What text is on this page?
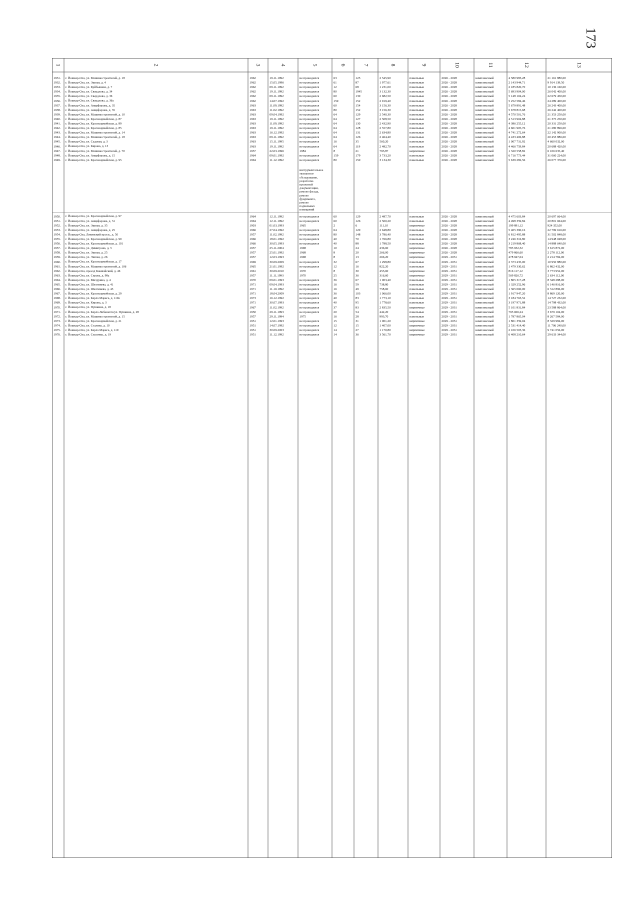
173
1	2	3	4	5	6	7	8	9	10	11	12	13
1931. г. Йошкар-Ола, ул. Машиностроителей, д. 18	1962	19.11.1992	не проводился	63	125	2 545,90	панельные	2026 - 2028	комплексный	4 580 983,28	21 161 880,00
1932. г. Йошкар-Ола, ул. Эшпая, д. 4	1962	15.05.1996	не проводился	61	87	1 977,61	панельные	2026 - 2028	комплексный	2 143 944,71	9 914 139,50
1933. г. Йошкар-Ола, ул. Куйбышева, д. 7	1962	09.11.1992	не проводился	12	68	1 231,00	панельные	2026 - 2028	комплексный	2 185 820,70	10 136 160,00
1934. г. Йошкар-Ола, ул. Свердлова, д. 34	1962	19.11.1992	не проводился	80	1945	3 132,30	панельные	2026 - 2028	комплексный	5 693 904,00	26 042 400,00
1935. г. Йошкар-Ола, ул. Свердлова, д. 36	1962	09.11.1992	не проводился	60	130	2 682,50	панельные	2026 - 2028	комплексный	5 148 104,24	22 679 450,00
1936. г. Йошкар-Ола, ул. Свердлова, д. 36а	1962	14.07.1992	не проводился	159	152	2 919,40	панельные	2026 - 2028	комплексный	5 252 584,46	24 289 400,00
1937. г. Йошкар-Ола, ул. Анциферова, д. 35	1963	11.09.1992	не проводился	60	154	3 156,30	панельные	2026 - 2028	комплексный	5 679 891,48	26 243 400,00
1938. г. Йошкар-Ола, ул. Анциферова, д. 35	1963	11.02.1992	не проводился	80	152	3 156,30	панельные	2026 - 2028	комплексный	5 678 815,68	26 242 400,00
1939. г. Йошкар-Ола, ул. Машиностроителей, д. 10	1963	09.04.1992	не проводился	64	129	2 540,30	панельные	2026 - 2028	комплексный	4 570 501,76	21 353 250,00
1940. г. Йошкар-Ола, ул. Красноармейская, д. 87	1963	19.11.1992	не проводился	64	127	2 508,50	панельные	2026 - 2028	комплексный	4 513 904,88	21 375 250,00
1941. г. Йошкар-Ола, ул. Красноармейская, д. 89	1963	11.09.1992	не проводился	64	130	2 432,90	панельные	2026 - 2028	комплексный	4 386 255,12	20 331 250,00
1942. г. Йошкар-Ола, ул. Красноармейская, д. 85	1963	19.11.1992	не проводился	64	128	2 557,80	панельные	2026 - 2028	комплексный	4 601 905,76	21 280 896,00
1943. г. Йошкар-Ола, ул. Машиностроителей, д. 14	1963	16.12.1992	не проводился	64	131	2 634,80	панельные	2026 - 2028	комплексный	4 741 272,64	22 142 900,00
1944. г. Йошкар-Ола, ул. Машиностроителей, д. 18	1963	09.11.1992	не проводился	64	126	2 464,40	панельные	2026 - 2028	комплексный	4 433 406,88	20 453 886,00
1945. г. Йошкар-Ола, ул. Садовая, д. 3	1963	15.11.1995	не проводился	16	35	560,20	панельные	2026 - 2028	комплексный	1 007 731,92	4 660 032,00
1946. г. Йошкар-Ола, ул. Кирова, д. 13	1963	19.11.1992	не проводился	64	119	2 482,70	панельные	2026 - 2028	комплексный	4 466 759,84	20 688 420,00
1947. г. Йошкар-Ола, ул. Машиностроителей, д. 70	1957	22.03.1996	1984	8	21	793,87	кирпичные	2026 - 2028	комплексный	1 320 558,82	6 106 635,40
1948. г. Йошкар-Ола, ул. Анциферова, д. 15	1964	09.01.1992	не проводился	159	179	3 733,20	панельные	2026 - 2028	комплексный	6 716 773,44	31 060 224,00
1949. г. Йошкар-Ола, ул. Красноармейская, д. 95	1964	11.12.1992	не проводился	80	150	3 134,30	панельные	2026 - 2028	комплексный	5 639 282,56	26 077 376,00
инструментальное экспертное обследование, разработка проектной документации, ремонт фасада, ремонт фундамента, ремонт подвальных помещений
1950. г. Йошкар-Ола, ул. Красноармейская, д. 97	1964	12.11.1992	не проводился	60	129	2 487,70	панельные	2026 - 2028	комплексный	4 475 603,84	20 697 664,00
1951. г. Йошкар-Ола, ул. Анциферова, д. 31	1964	12.11.1992	не проводился	60	126	2 500,20	панельные	2026 - 2028	комплексный	4 498 359,84	20 801 664,00
1952. г. Йошкар-Ола, ул. Эшпая, д. 35	1903	01.03.1993	1965	2	6	111,10	кирпичные	2026 - 2028	комплексный	199 891,12	924 352,00
1953. г. Йошкар-Ола, ул. Анциферова, д. 25	1966	27.04.1992	не проводился	64	120	2 648,80	панельные	2026 - 2028	комплексный	5 405 390,16	22 799 616,00
1954. г. Йошкар-Ола, Ленинский просп., д. 50	1957	11.02.1992	не проводился	80	148	3 786,40	панельные	2026 - 2028	комплексный	6 812 495,88	31 502 848,00
1955. г. Йошкар-Ола, ул. Красноармейская, д. 99	1966	18.01.1992	не проводился	40	70	1 766,80	панельные	2026 - 2028	комплексный	3 246 316,80	14 948 048,00
1956. г. Йошкар-Ола, ул. Красноармейская, д. 101	1966	30.05.1993	не проводился	40	88	1 788,50	панельные	2026 - 2028	комплексный	3 219 868,40	14 888 640,00
1957. г. Йошкар-Ола, ул. Димитрова, д. 3	1957	25.11.2004	1968	10	24	436,60	кирпичные	2026 - 2028	комплексный	785 932,32	3 615 872,00
1958. г. Йошкар-Ола, ул. Эшпая, д. 25	1957	25.01.1992	1968	8	20	266,00	кирпичные	2026 - 2028	комплексный	479 866,60	2 278 112,00
1959. г. Йошкар-Ола, ул. Эшпая, д. 26	1957	12.03.1993	1968	8	13	266,20	кирпичные	2029 - 2031	комплексный	478 947,04	2 214 784,00
1960. г. Йошкар-Ола, ул. Красноармейская, д. 17	1969	30.09.2009	не проводился	32	67	1 298,80	панельные	2029 - 2031	комплексный	2 373 435,00	10 950 880,00
1961. г. Йошкар-Ола, ул. Машиностроителей, д. 106	1965	21.01.1992	не проводился	12	16	822,20	панельные	2029 - 2031	комплексный	1 479 330,62	6 862 432,00
1962. г. Йошкар-Ола, проезд Кокшайский, д. 46	1961	30.09.2010	1970	8	30	453,60	кирпичные	2029 - 2031	комплексный	816 117,12	3 773 952,00
1963. г. Йошкар-Ола, ул. Серова, д. 98а	1957	11.11.1993	1970	25	36	316,60	кирпичные	2029 - 2031	комплексный	569 826,72	2 634 112,00
1964. г. Йошкар-Ола, ул. Мичурина, д. 4	1970	09.01.1993	не проводился	36	67	1 003,40	панельные	2029 - 2031	комплексный	1 805 317,28	8 348 288,00
1965. г. Йошкар-Ола, ул. Шелгинева, д. 41	1971	09.04.1993	не проводился	16	59	738,80	панельные	2029 - 2031	комплексный	1 329 252,96	6 146 816,00
1966. г. Йошкар-Ола, ул. Шелгинева, д. 43	1971	11.10.1992	не проводился	16	49	758,60	панельные	2029 - 2031	комплексный	1 365 060,00	6 312 896,00
1967. г. Йошкар-Ола, ул. Красноармейская, д. 29	1971	18.04.2009	не проводился	36	103	1 066,00	панельные	2029 - 2031	комплексный	1 917 947,20	8 869 120,00
1968. г. Йошкар-Ола, ул. Карла Маркса, д. 119а	1973	16.12.1992	не проводился	40	83	1 773,10	панельные	2029 - 2031	комплексный	3 184 763,52	14 727 232,00
1969. г. Йошкар-Ола, ул. Кирова, д. 3	1971	30.07.1993	не проводился	40	95	1 778,60	панельные	2029 - 2031	комплексный	3 197 971,88	14 798 432,00
1970. г. Йошкар-Ола, ул. Пушкина, д. 18	1967	11.02.1992	не проводился	37	83	2 835,50	кирпичные	2029 - 2031	комплексный	5 101 831,84	23 588 864,00
1971. г. Йошкар-Ола, ул. Карла Либкнехта/ул. Пушкина, д. 28	1950	29.11.1993	не проводился	20	54	442,20	панельные	2029 - 2031	комплексный	795 606,24	3 679 104,00
1972. г. Йошкар-Ола, ул. Машиностроителей, д. 15	1957	29.11.1994	1975	16	28	993,70	панельные	2029 - 2031	комплексный	1 787 865,04	8 267 584,00
1973. г. Йошкар-Ола, ул. Красноармейская, д. 21	1951	12.01.1993	не проводился	15	31	1 001,20	кирпичные	2029 - 2031	комплексный	1 801 359,04	8 329 984,00
1974. г. Йошкар-Ола, ул. Сталина, д. 10	1951	14.07.1992	не проводился	12	15	1 407,00	кирпичные	2029 - 2031	комплексный	2 531 414,40	11 706 240,00
1975. г. Йошкар-Ола, ул. Карла Маркса, д. 119	1951	30.09.2003	не проводился	14	27	1 170,80	кирпичные	2029 - 2031	комплексный	2 106 503,36	9 741 056,00
1976. г. Йошкар-Ола, ул. Спасенко, д. 19	1951	11.12.1992	не проводился	14	36	3 561,70	кирпичные	2029 - 2031	комплексный	6 408 210,64	29 633 344,00
